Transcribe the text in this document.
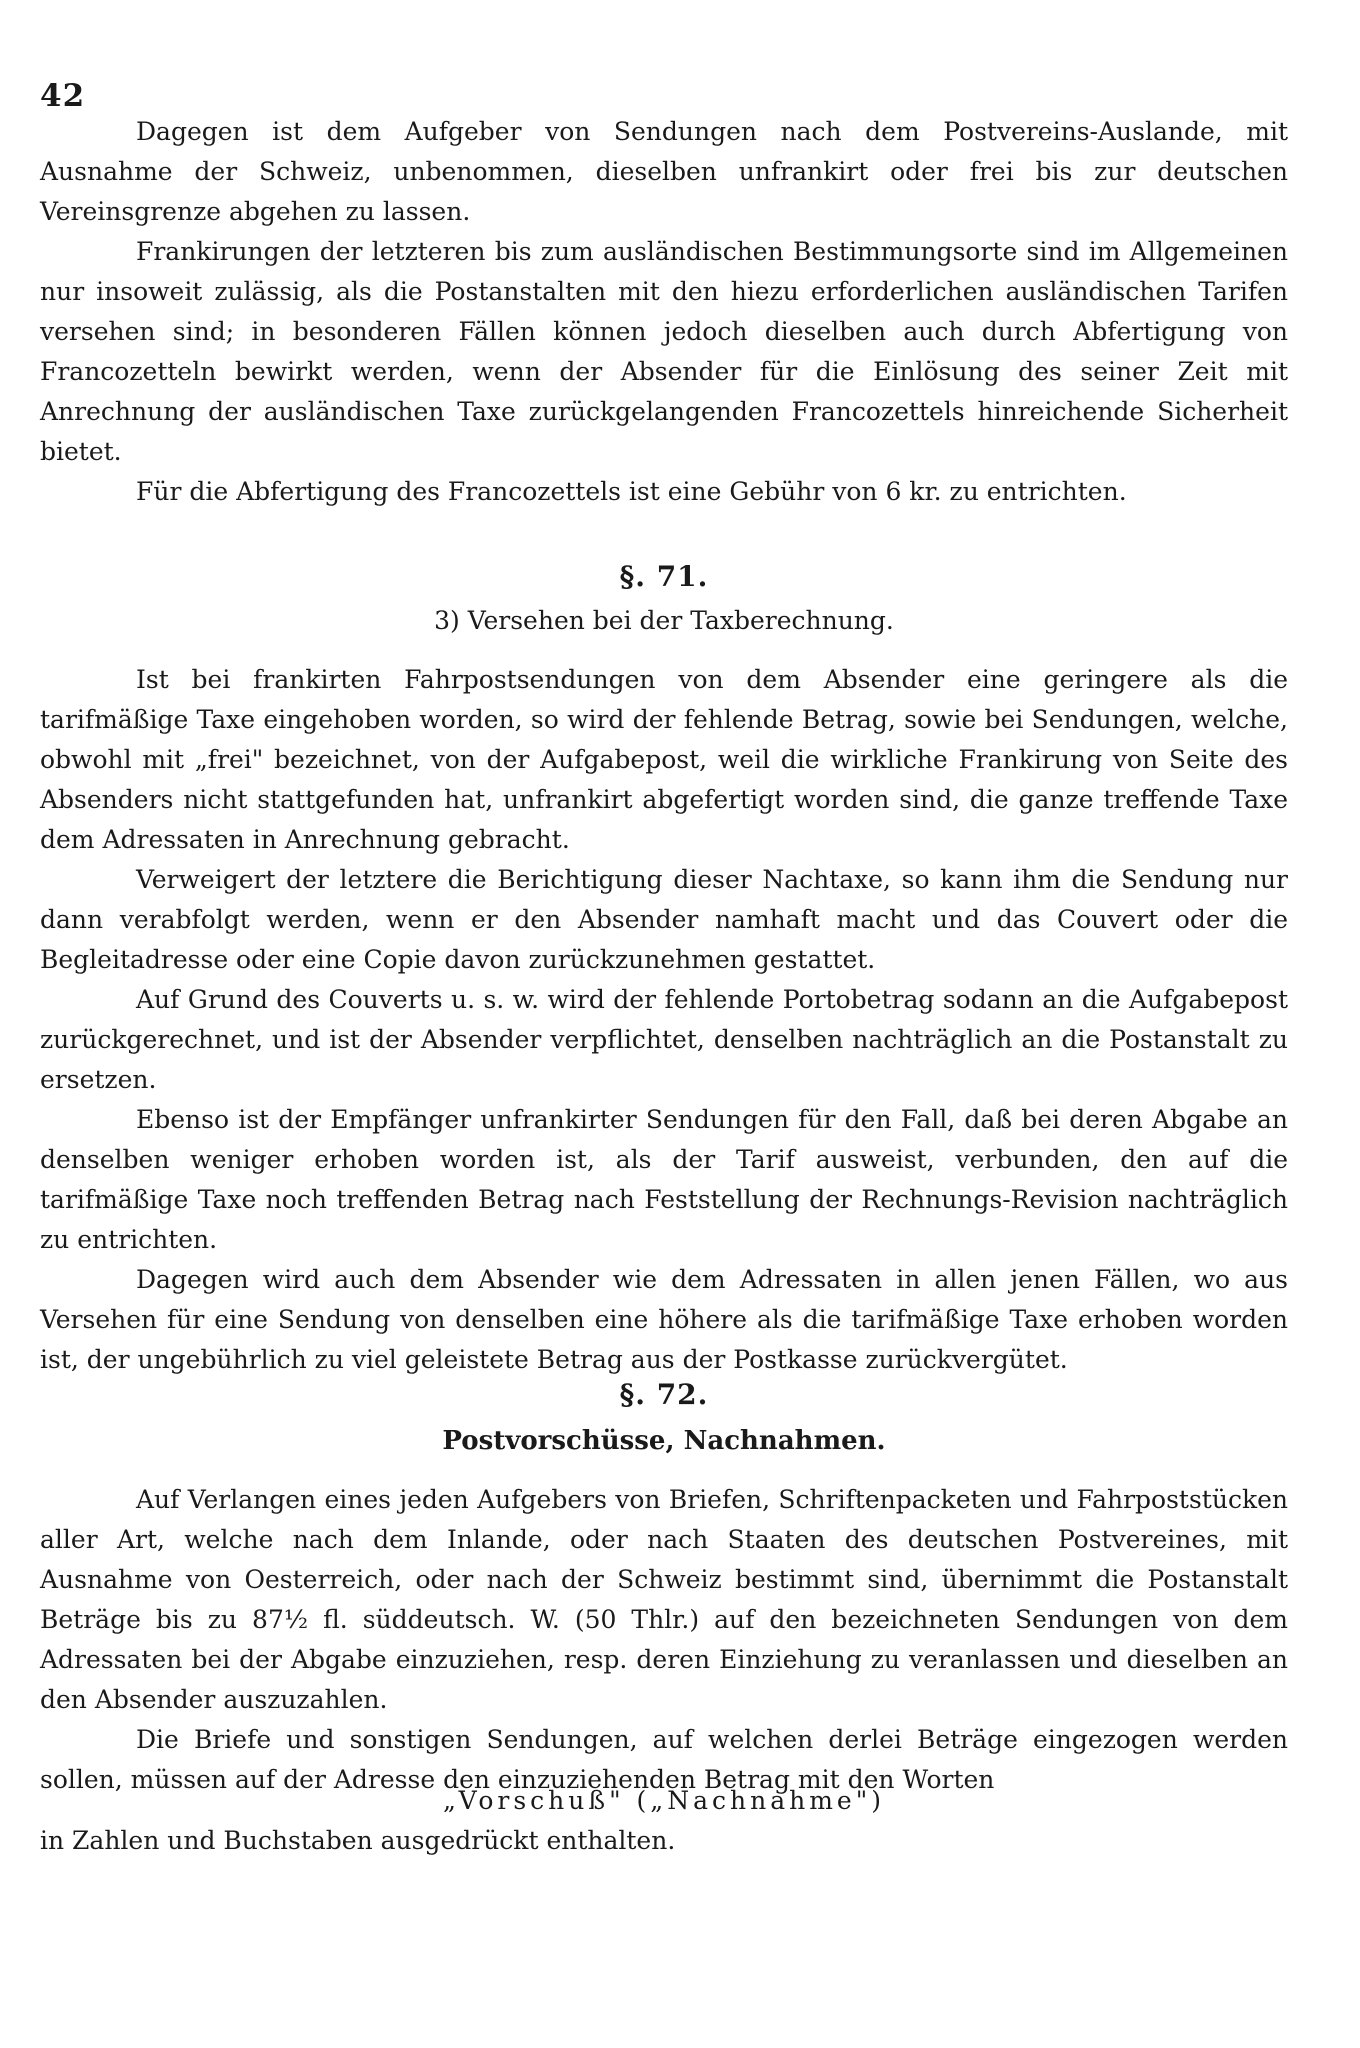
42

Dagegen ist dem Aufgeber von Sendungen nach dem Postvereins-Auslande, mit Ausnahme der Schweiz, unbenommen, dieselben unfrankirt oder frei bis zur deutschen Vereinsgrenze abgehen zu lassen.

Frankirungen der letzteren bis zum ausländischen Bestimmungsorte sind im Allgemeinen nur insoweit zulässig, als die Postanstalten mit den hiezu erforderlichen ausländischen Tarifen versehen sind; in besonderen Fällen können jedoch dieselben auch durch Abfertigung von Francozetteln bewirkt werden, wenn der Absender für die Einlösung des seiner Zeit mit Anrechnung der ausländischen Taxe zurückgelangenden Francozettels hinreichende Sicherheit bietet.

Für die Abfertigung des Francozettels ist eine Gebühr von 6 kr. zu entrichten.

§. 71.
3) Versehen bei der Taxberechnung.

Ist bei frankirten Fahrpostsendungen von dem Absender eine geringere als die tarifmäßige Taxe eingehoben worden, so wird der fehlende Betrag, sowie bei Sendungen, welche, obwohl mit „frei" bezeichnet, von der Aufgabepost, weil die wirkliche Frankirung von Seite des Absenders nicht stattgefunden hat, unfrankirt abgefertigt worden sind, die ganze treffende Taxe dem Adressaten in Anrechnung gebracht.

Verweigert der letztere die Berichtigung dieser Nachtaxe, so kann ihm die Sendung nur dann verabfolgt werden, wenn er den Absender namhaft macht und das Couvert oder die Begleitadresse oder eine Copie davon zurückzunehmen gestattet.

Auf Grund des Couverts u. s. w. wird der fehlende Portobetrag sodann an die Aufgabepost zurückgerechnet, und ist der Absender verpflichtet, denselben nachträglich an die Postanstalt zu ersetzen.

Ebenso ist der Empfänger unfrankirter Sendungen für den Fall, daß bei deren Abgabe an denselben weniger erhoben worden ist, als der Tarif ausweist, verbunden, den auf die tarifmäßige Taxe noch treffenden Betrag nach Feststellung der Rechnungs-Revision nachträglich zu entrichten.

Dagegen wird auch dem Absender wie dem Adressaten in allen jenen Fällen, wo aus Versehen für eine Sendung von denselben eine höhere als die tarifmäßige Taxe erhoben worden ist, der ungebührlich zu viel geleistete Betrag aus der Postkasse zurückvergütet.

§. 72.
Postvorschüsse, Nachnahmen.

Auf Verlangen eines jeden Aufgebers von Briefen, Schriftenpacketen und Fahrpoststücken aller Art, welche nach dem Inlande, oder nach Staaten des deutschen Postvereines, mit Ausnahme von Oesterreich, oder nach der Schweiz bestimmt sind, übernimmt die Postanstalt Beträge bis zu 87½ fl. süddeutsch. W. (50 Thlr.) auf den bezeichneten Sendungen von dem Adressaten bei der Abgabe einzuziehen, resp. deren Einziehung zu veranlassen und dieselben an den Absender auszuzahlen.

Die Briefe und sonstigen Sendungen, auf welchen derlei Beträge eingezogen werden sollen, müssen auf der Adresse den einzuziehenden Betrag mit den Worten

„Vorschuß" („Nachnahme")
in Zahlen und Buchstaben ausgedrückt enthalten.
